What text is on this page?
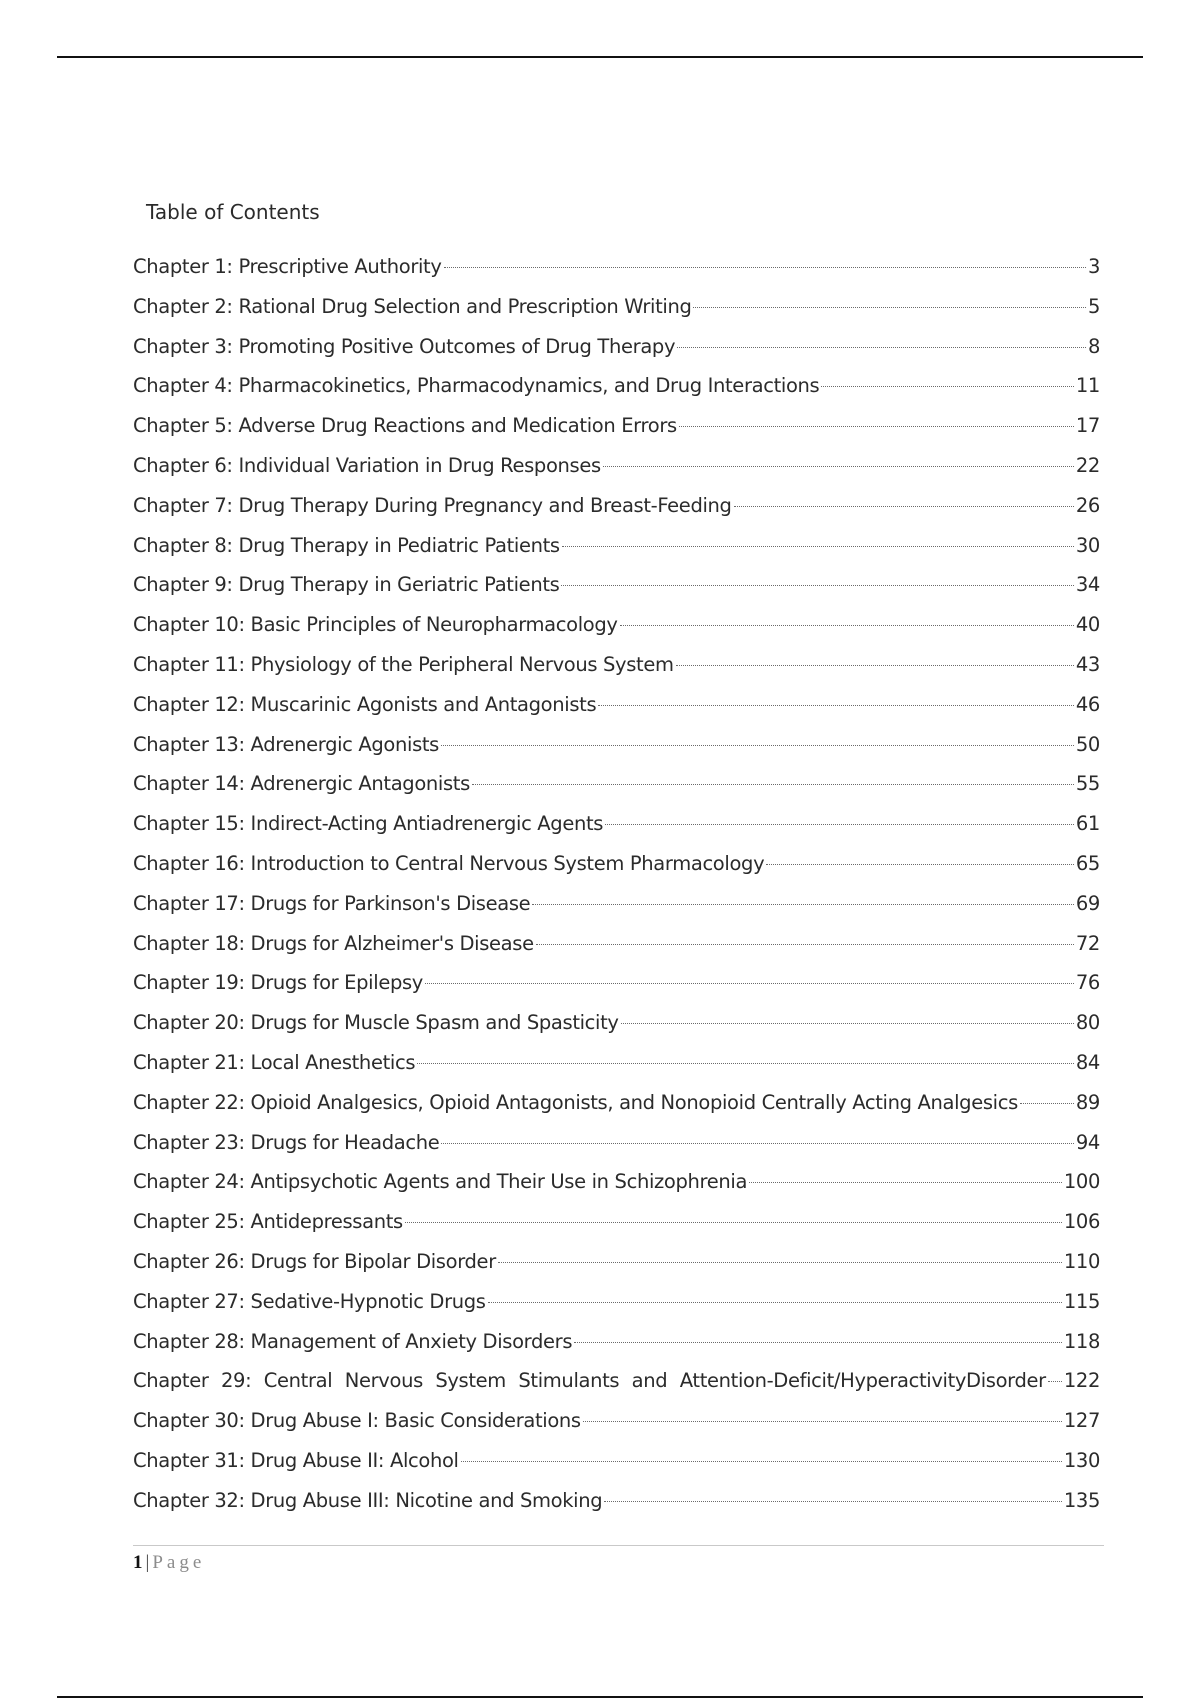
Table of Contents
Chapter 1: Prescriptive Authority	3
Chapter 2: Rational Drug Selection and Prescription Writing	5
Chapter 3: Promoting Positive Outcomes of Drug Therapy	8
Chapter 4: Pharmacokinetics, Pharmacodynamics, and Drug Interactions	11
Chapter 5: Adverse Drug Reactions and Medication Errors	17
Chapter 6: Individual Variation in Drug Responses	22
Chapter 7: Drug Therapy During Pregnancy and Breast-Feeding	26
Chapter 8: Drug Therapy in Pediatric Patients	30
Chapter 9: Drug Therapy in Geriatric Patients	34
Chapter 10: Basic Principles of Neuropharmacology	40
Chapter 11: Physiology of the Peripheral Nervous System	43
Chapter 12: Muscarinic Agonists and Antagonists	46
Chapter 13: Adrenergic Agonists	50
Chapter 14: Adrenergic Antagonists	55
Chapter 15: Indirect-Acting Antiadrenergic Agents	61
Chapter 16: Introduction to Central Nervous System Pharmacology	65
Chapter 17: Drugs for Parkinson's Disease	69
Chapter 18: Drugs for Alzheimer's Disease	72
Chapter 19: Drugs for Epilepsy	76
Chapter 20: Drugs for Muscle Spasm and Spasticity	80
Chapter 21: Local Anesthetics	84
Chapter 22: Opioid Analgesics, Opioid Antagonists, and Nonopioid Centrally Acting Analgesics	89
Chapter 23: Drugs for Headache	94
Chapter 24: Antipsychotic Agents and Their Use in Schizophrenia	100
Chapter 25: Antidepressants	106
Chapter 26: Drugs for Bipolar Disorder	110
Chapter 27: Sedative-Hypnotic Drugs	115
Chapter 28: Management of Anxiety Disorders	118
Chapter 29: Central Nervous System Stimulants and Attention-Deficit/HyperactivityDisorder 122
Chapter 30: Drug Abuse I: Basic Considerations	127
Chapter 31: Drug Abuse II: Alcohol	130
Chapter 32: Drug Abuse III: Nicotine and Smoking	135
1 | Page
